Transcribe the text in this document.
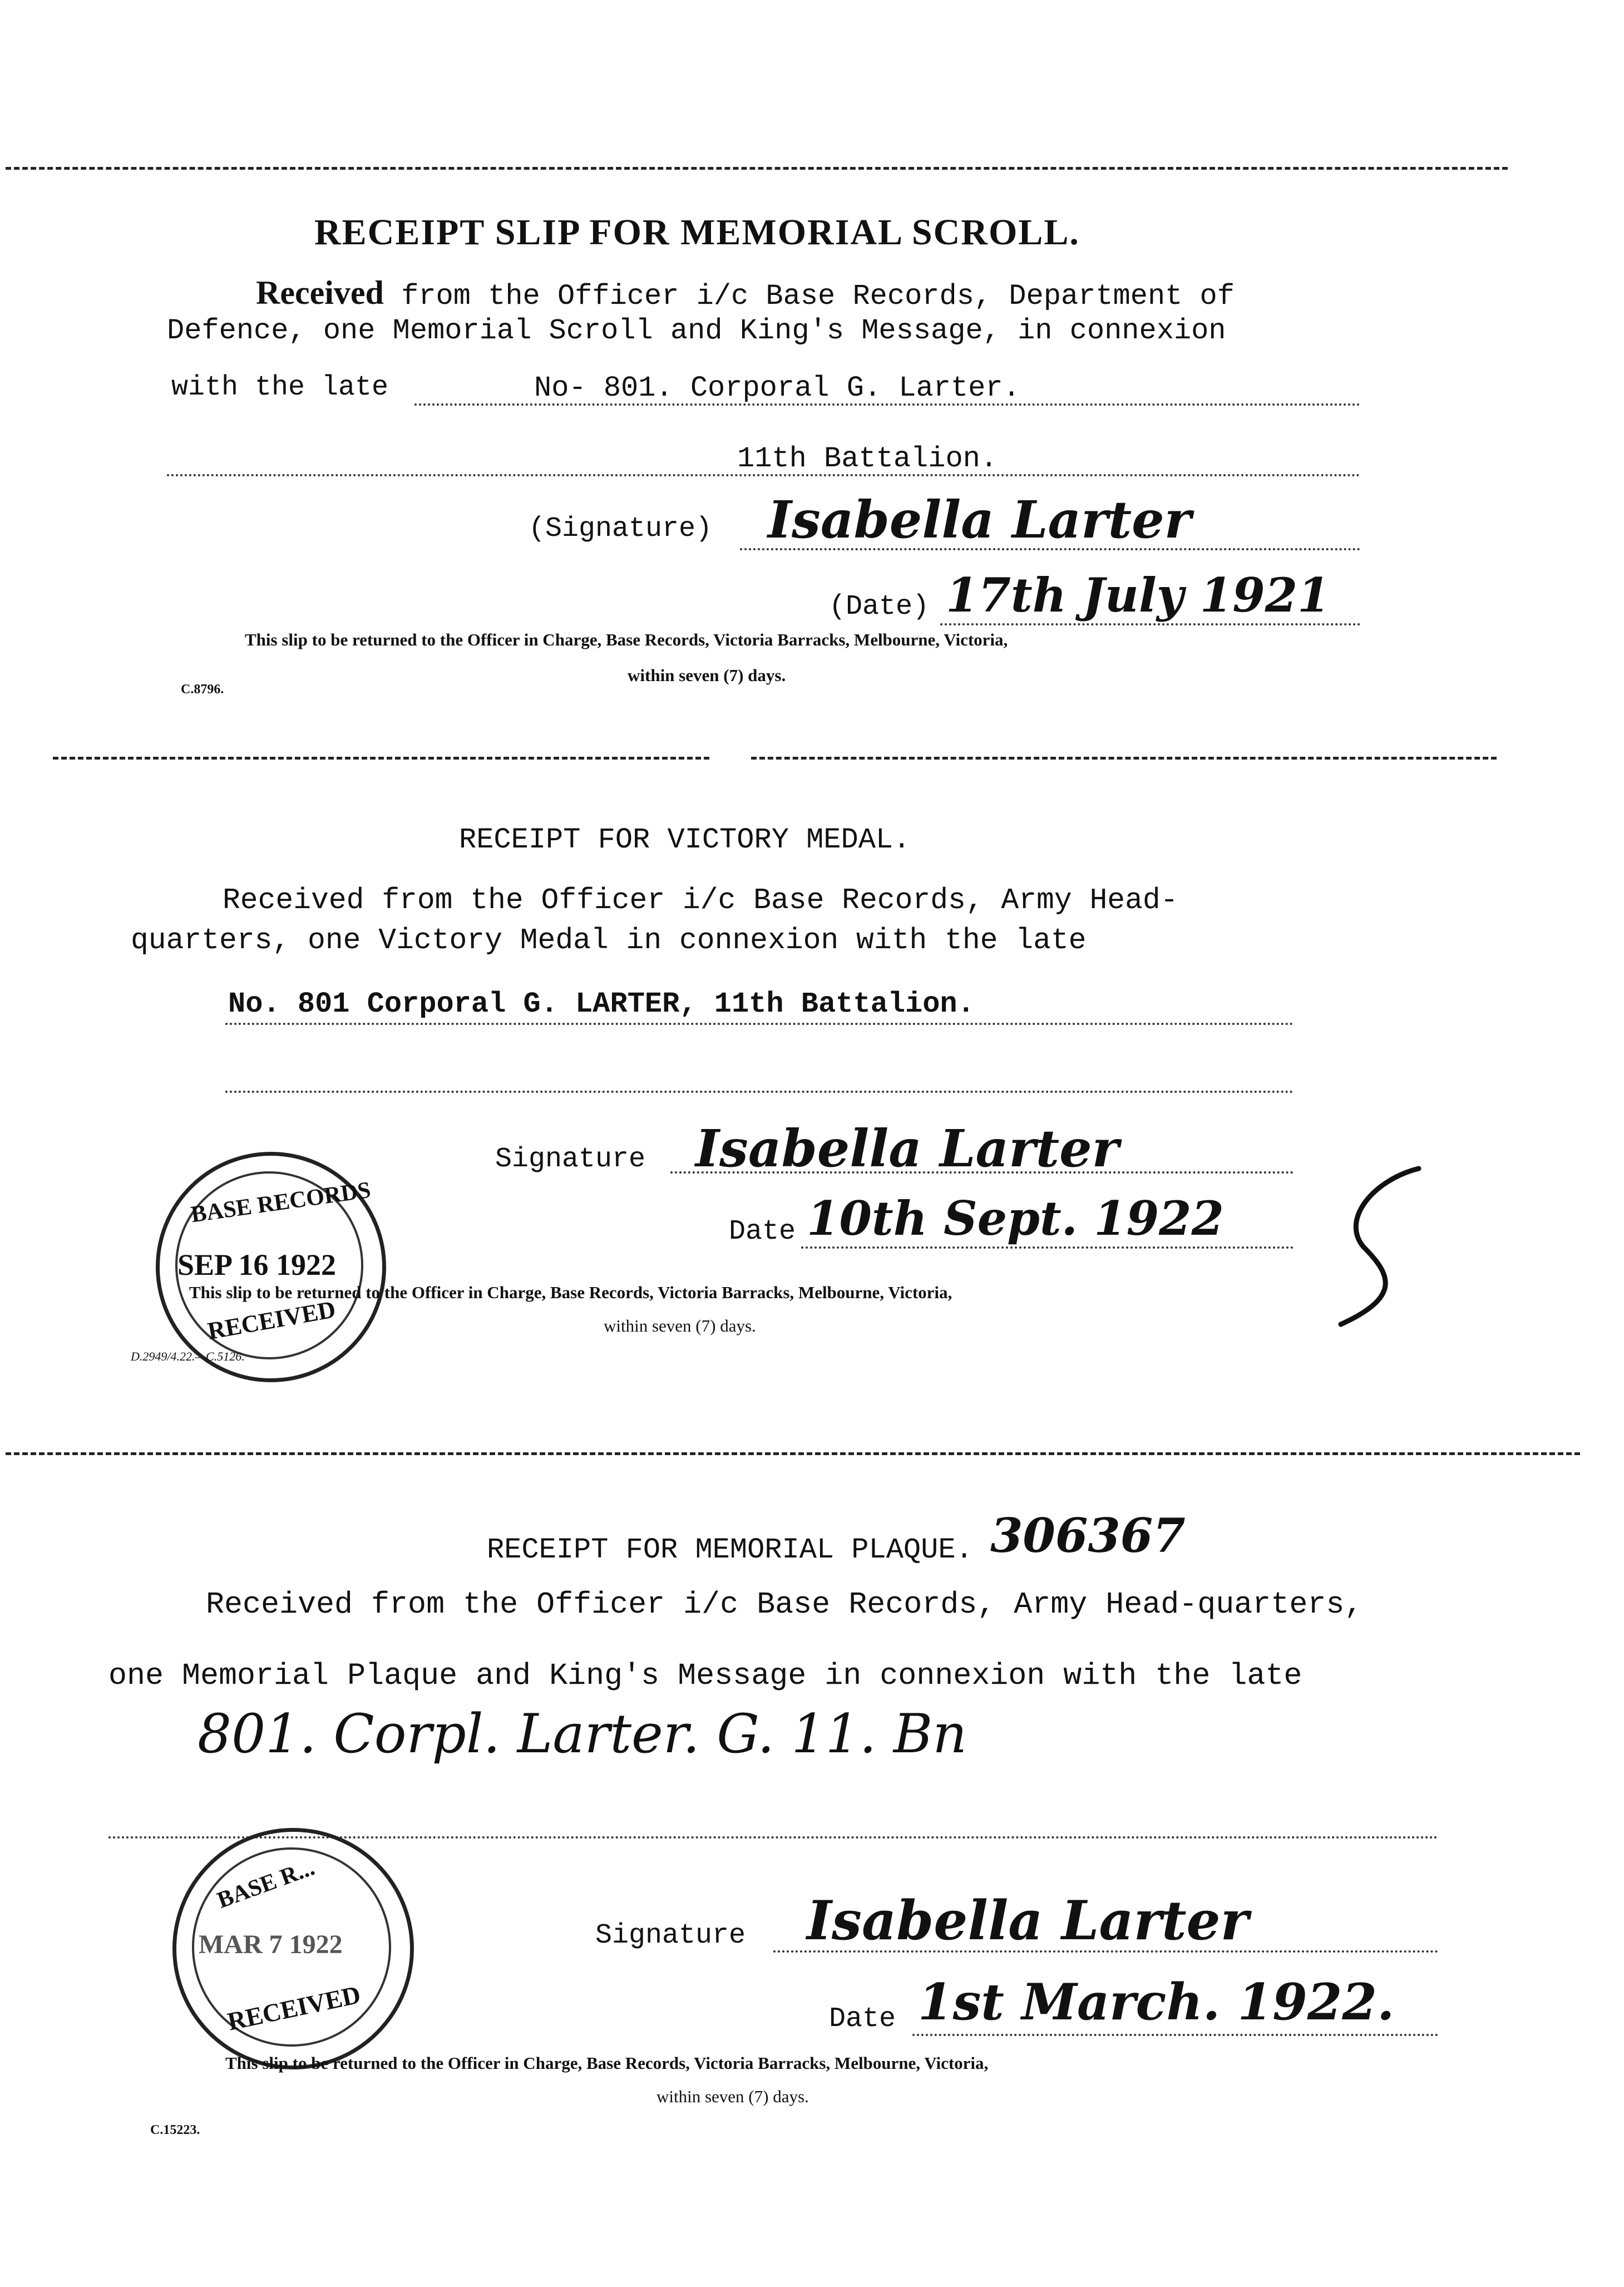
RECEIPT SLIP FOR MEMORIAL SCROLL.
Received from the Officer i/c Base Records, Department of
Defence, one Memorial Scroll and King's Message, in connexion
with the late	No- 801. Corporal G. Larter.
11th Battalion.
(Signature) Isabella Larter
(Date) 17th July 1921
This slip to be returned to the Officer in Charge, Base Records, Victoria Barracks, Melbourne, Victoria,
within seven (7) days.
C.8796.
RECEIPT FOR VICTORY MEDAL.
Received from the Officer i/c Base Records, Army Head-
quarters, one Victory Medal in connexion with the late
No. 801 Corporal G. LARTER, 11th Battalion.
Signature Isabella Larter
Date 10th Sept. 1922
BASE RECORDS
SEP 16 1922
RECEIVED
This slip to be returned to the Officer in Charge, Base Records, Victoria Barracks, Melbourne, Victoria,
within seven (7) days.
D.2949/4.22.—C.5126.
RECEIPT FOR MEMORIAL PLAQUE. 306367
Received from the Officer i/c Base Records, Army Head-quarters,
one Memorial Plaque and King's Message in connexion with the late
801. Corpl. Larter. G. 11. Bn
BASE R...
MAR 7 1922
RECEIVED
Signature Isabella Larter
Date 1st March. 1922.
This slip to be returned to the Officer in Charge, Base Records, Victoria Barracks, Melbourne, Victoria,
within seven (7) days.
C.15223.
